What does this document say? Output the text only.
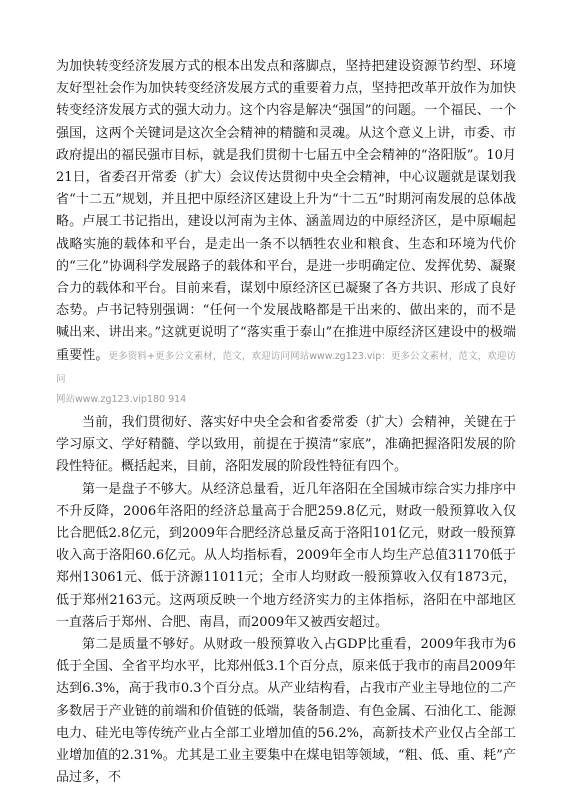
为加快转变经济发展方式的根本出发点和落脚点，坚持把建设资源节约型、环境友好型社会作为加快转变经济发展方式的重要着力点，坚持把改革开放作为加快转变经济发展方式的强大动力。这个内容是解决“强国”的问题。一个福民、一个强国，这两个关键词是这次全会精神的精髓和灵魂。从这个意义上讲，市委、市政府提出的福民强市目标，就是我们贯彻十七届五中全会精神的“洛阳版”。10月21日，省委召开常委（扩大）会议传达贯彻中央全会精神，中心议题就是谋划我省“十二五”规划，并且把中原经济区建设上升为“十二五”时期河南发展的总体战略。卢展工书记指出，建设以河南为主体、涵盖周边的中原经济区，是中原崛起战略实施的载体和平台，是走出一条不以牺牲农业和粮食、生态和环境为代价的“三化”协调科学发展路子的载体和平台，是进一步明确定位、发挥优势、凝聚合力的载体和平台。目前来看，谋划中原经济区已凝聚了各方共识、形成了良好态势。卢书记特别强调：“任何一个发展战略都是干出来的、做出来的，而不是喊出来、讲出来。”这就更说明了“落实重于泰山”在推进中原经济区建设中的极端重要性。更多资料+更多公文素材，范文，欢迎访问网站www.zg123.vip：更多公文素材，范文，欢迎访问

网站www.zg123.vip180 914

当前，我们贯彻好、落实好中央全会和省委常委（扩大）会精神，关键在于学习原文、学好精髓、学以致用，前提在于摸清“家底”，准确把握洛阳发展的阶段性特征。概括起来，目前，洛阳发展的阶段性特征有四个。

第一是盘子不够大。从经济总量看，近几年洛阳在全国城市综合实力排序中不升反降，2006年洛阳的经济总量高于合肥259.8亿元，财政一般预算收入仅比合肥低2.8亿元，到2009年合肥经济总量反高于洛阳101亿元，财政一般预算收入高于洛阳60.6亿元。从人均指标看，2009年全市人均生产总值31170低于郑州13061元、低于济源11011元；全市人均财政一般预算收入仅有1873元，低于郑州2163元。这两项反映一个地方经济实力的主体指标，洛阳在中部地区一直落后于郑州、合肥、南昌，而2009年又被西安超过。

第二是质量不够好。从财政一般预算收入占GDP比重看，2009年我市为6低于全国、全省平均水平，比郑州低3.1个百分点，原来低于我市的南昌2009年达到6.3%，高于我市0.3个百分点。从产业结构看，占我市产业主导地位的二产多数居于产业链的前端和价值链的低端，装备制造、有色金属、石油化工、能源电力、硅光电等传统产业占全部工业增加值的56.2%，高新技术产业仅占全部工业增加值的2.31%。尤其是工业主要集中在煤电铝等领域，“粗、低、重、耗”产品过多，不
